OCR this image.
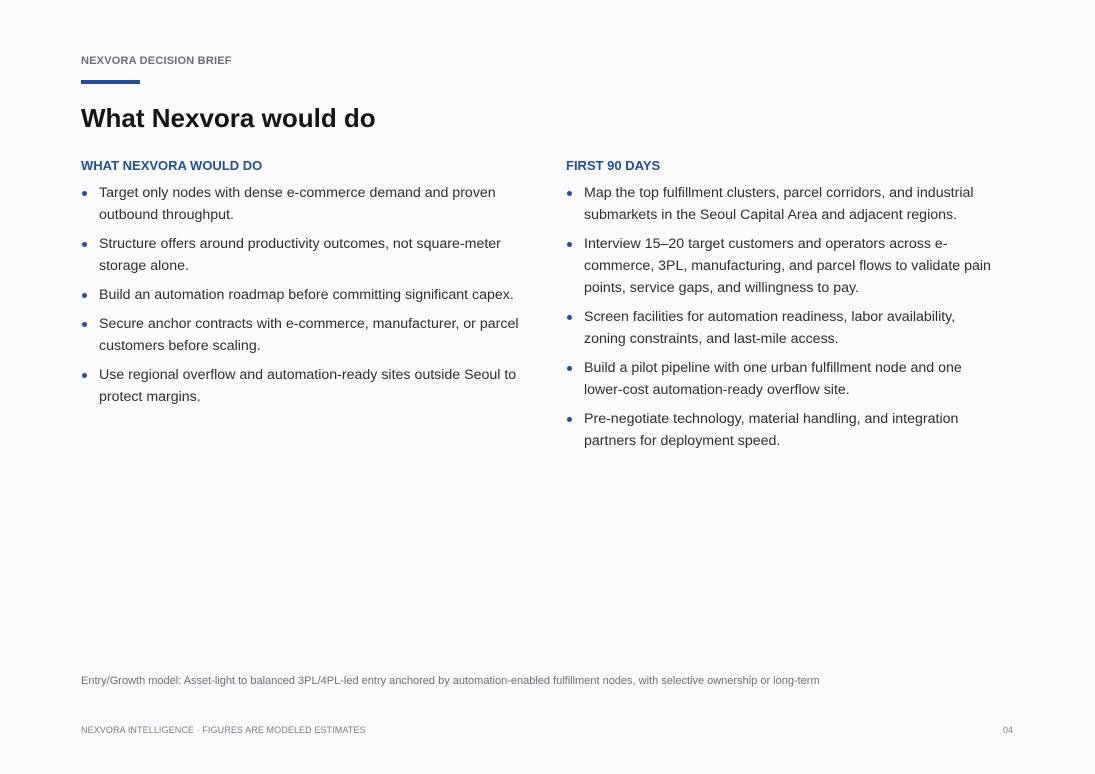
NEXVORA DECISION BRIEF
What Nexvora would do
WHAT NEXVORA WOULD DO
Target only nodes with dense e-commerce demand and proven outbound throughput.
Structure offers around productivity outcomes, not square-meter storage alone.
Build an automation roadmap before committing significant capex.
Secure anchor contracts with e-commerce, manufacturer, or parcel customers before scaling.
Use regional overflow and automation-ready sites outside Seoul to protect margins.
FIRST 90 DAYS
Map the top fulfillment clusters, parcel corridors, and industrial submarkets in the Seoul Capital Area and adjacent regions.
Interview 15–20 target customers and operators across e-commerce, 3PL, manufacturing, and parcel flows to validate pain points, service gaps, and willingness to pay.
Screen facilities for automation readiness, labor availability, zoning constraints, and last-mile access.
Build a pilot pipeline with one urban fulfillment node and one lower-cost automation-ready overflow site.
Pre-negotiate technology, material handling, and integration partners for deployment speed.
Entry/Growth model: Asset-light to balanced 3PL/4PL-led entry anchored by automation-enabled fulfillment nodes, with selective ownership or long-term
NEXVORA INTELLIGENCE · FIGURES ARE MODELED ESTIMATES	04
